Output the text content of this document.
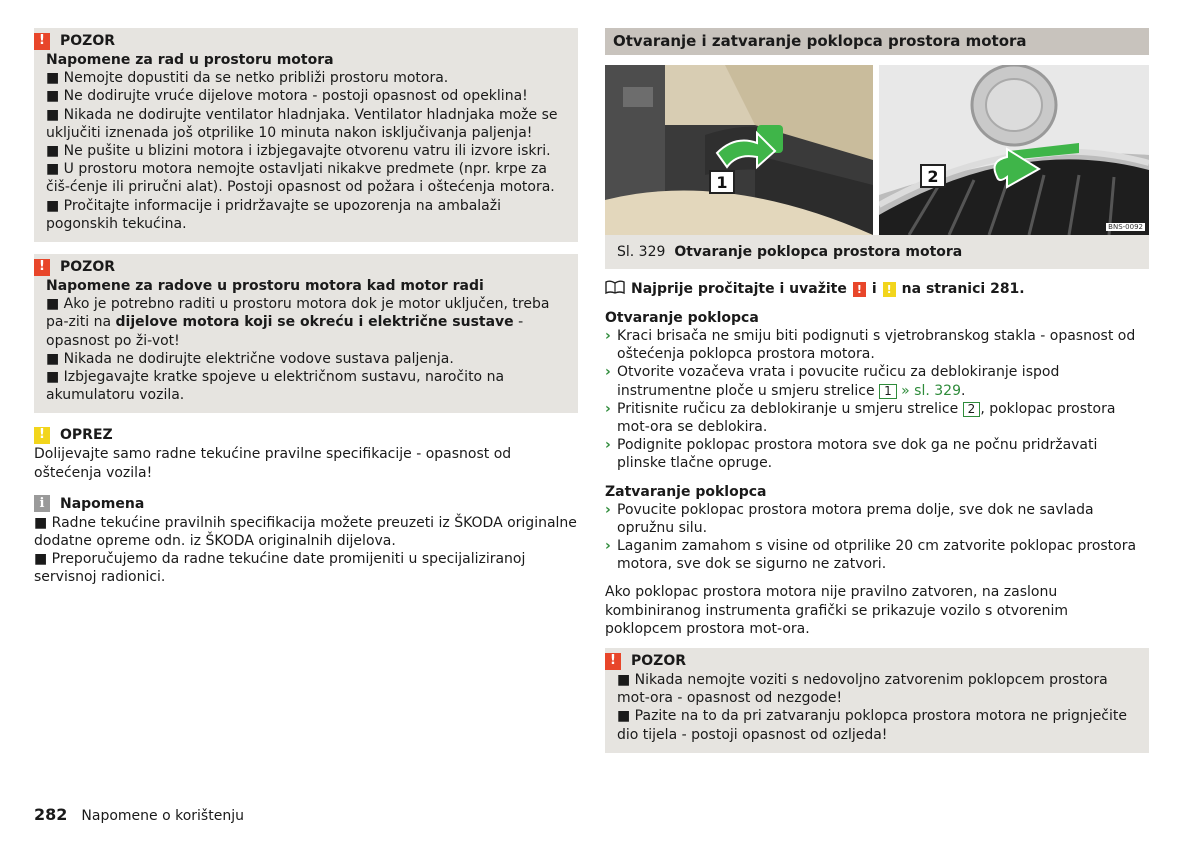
!	POZOR

Napomene za rad u prostoru motora

■ Nemojte dopustiti da se netko približi prostoru motora.

■ Ne dodirujte vruće dijelove motora - postoji opasnost od opeklina!

■ Nikada ne dodirujte ventilator hladnjaka. Ventilator hladnjaka može se uključiti iznenada još otprilike 10 minuta nakon isključivanja paljenja!

■ Ne pušite u blizini motora i izbjegavajte otvorenu vatru ili izvore iskri.

■ U prostoru motora nemojte ostavljati nikakve predmete (npr. krpe za čiš-ćenje ili priručni alat). Postoji opasnost od požara i oštećenja motora.

■ Pročitajte informacije i pridržavajte se upozorenja na ambalaži pogonskih tekućina.

!	POZOR

Napomene za radove u prostoru motora kad motor radi

■ Ako je potrebno raditi u prostoru motora dok je motor uključen, treba pa-ziti na dijelove motora koji se okreću i električne sustave - opasnost po ži-vot!

■ Nikada ne dodirujte električne vodove sustava paljenja.

■ Izbjegavajte kratke spojeve u električnom sustavu, naročito na akumulatoru vozila.

!	OPREZ

Dolijevajte samo radne tekućine pravilne specifikacije - opasnost od oštećenja vozila!

i	Napomena

■ Radne tekućine pravilnih specifikacija možete preuzeti iz ŠKODA originalne dodatne opreme odn. iz ŠKODA originalnih dijelova.

■ Preporučujemo da radne tekućine date promijeniti u specijaliziranoj servisnoj radionici.

Otvaranje i zatvaranje poklopca prostora motora
1	2
BNS-0092
Sl. 329 Otvaranje poklopca prostora motora
Najprije pročitajte i uvažite ! i ! na stranici 281.
Otvaranje poklopca
› Kraci brisača ne smiju biti podignuti s vjetrobranskog stakla - opasnost od oštećenja poklopca prostora motora.
› Otvorite vozačeva vrata i povucite ručicu za deblokiranje ispod instrumentne ploče u smjeru strelice 1 » sl. 329.
› Pritisnite ručicu za deblokiranje u smjeru strelice 2 , poklopac prostora mot-ora se deblokira.
› Podignite poklopac prostora motora sve dok ga ne počnu pridržavati plinske tlačne opruge.
Zatvaranje poklopca
› Povucite poklopac prostora motora prema dolje, sve dok ne savlada opružnu silu.
› Laganim zamahom s visine od otprilike 20 cm zatvorite poklopac prostora motora, sve dok se sigurno ne zatvori.

Ako poklopac prostora motora nije pravilno zatvoren, na zaslonu kombiniranog instrumenta grafički se prikazuje vozilo s otvorenim poklopcem prostora mot-ora.

!	POZOR

■ Nikada nemojte voziti s nedovoljno zatvorenim poklopcem prostora mot-ora - opasnost od nezgode!

■ Pazite na to da pri zatvaranju poklopca prostora motora ne prignječite dio tijela - postoji opasnost od ozljeda!

282 Napomene o korištenju
